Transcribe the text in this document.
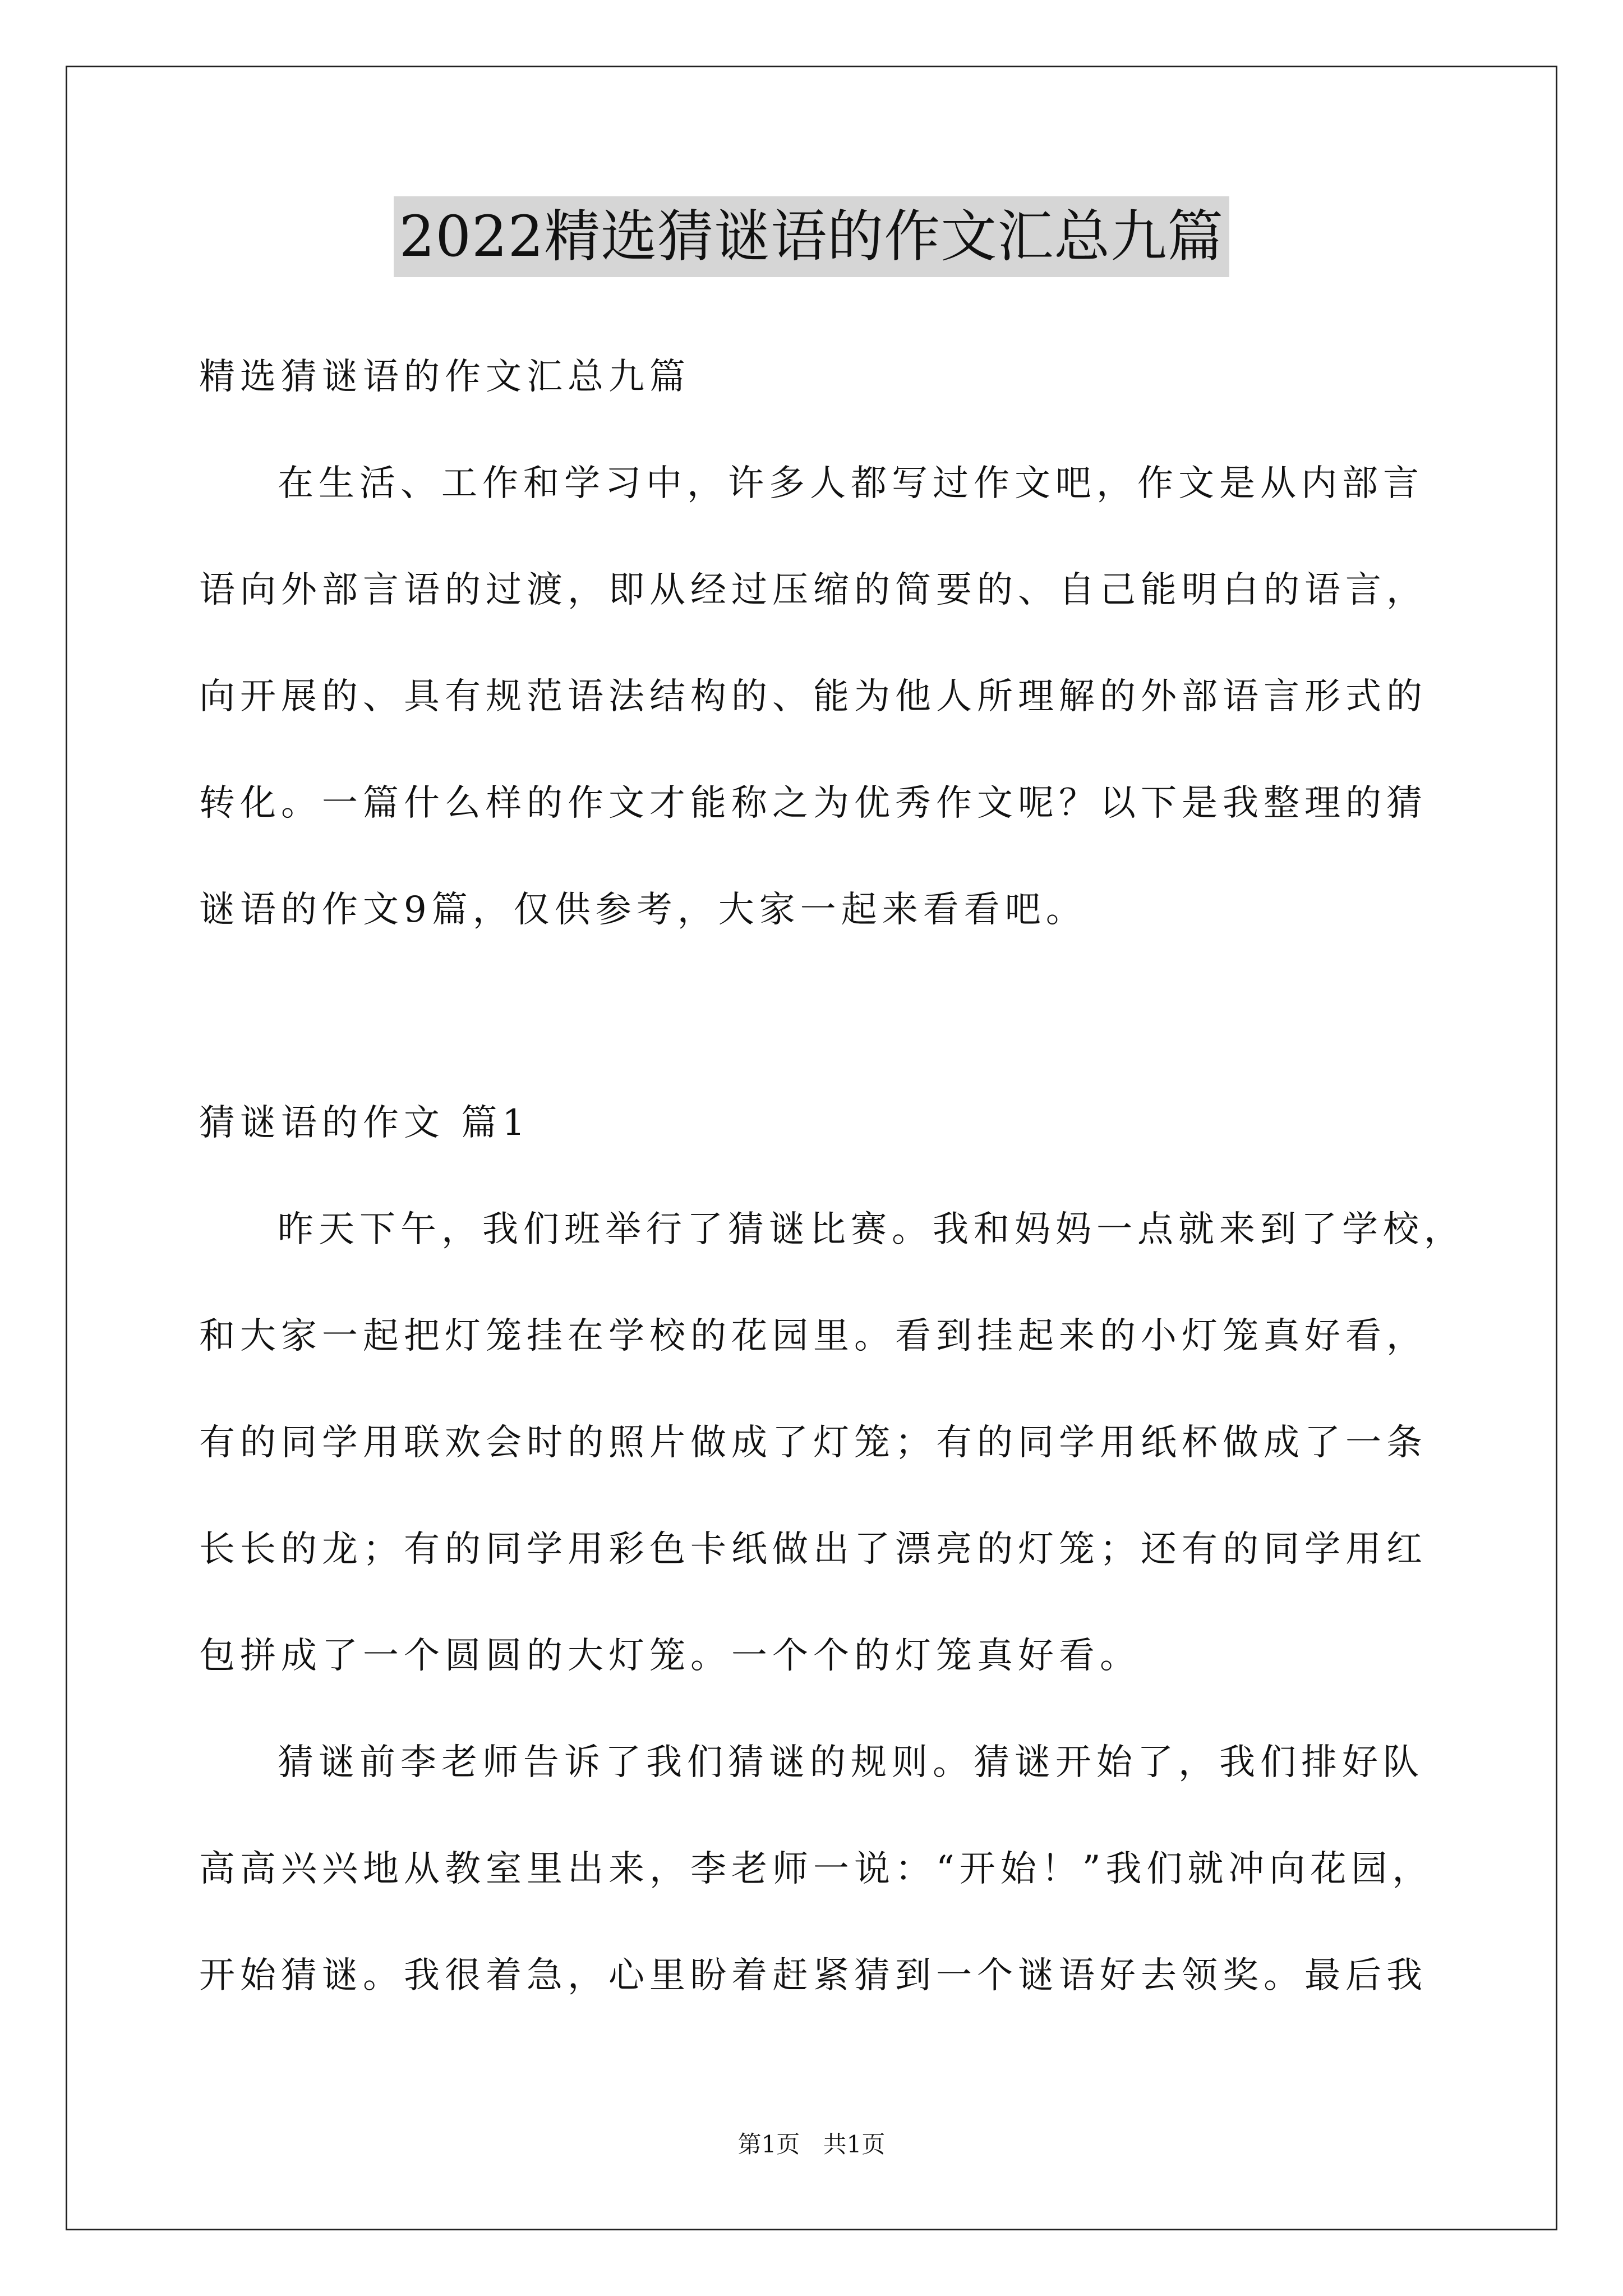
2022精选猜谜语的作文汇总九篇
精选猜谜语的作文汇总九篇
在生活、工作和学习中，许多人都写过作文吧，作文是从内部言
语向外部言语的过渡，即从经过压缩的简要的、自己能明白的语言，
向开展的、具有规范语法结构的、能为他人所理解的外部语言形式的
转化。一篇什么样的作文才能称之为优秀作文呢？以下是我整理的猜
谜语的作文9篇，仅供参考，大家一起来看看吧。
猜谜语的作文 篇1
昨天下午，我们班举行了猜谜比赛。我和妈妈一点就来到了学校，
和大家一起把灯笼挂在学校的花园里。看到挂起来的小灯笼真好看，
有的同学用联欢会时的照片做成了灯笼；有的同学用纸杯做成了一条
长长的龙；有的同学用彩色卡纸做出了漂亮的灯笼；还有的同学用红
包拼成了一个圆圆的大灯笼。一个个的灯笼真好看。
猜谜前李老师告诉了我们猜谜的规则。猜谜开始了，我们排好队
高高兴兴地从教室里出来，李老师一说：“开始！”我们就冲向花园，
开始猜谜。我很着急，心里盼着赶紧猜到一个谜语好去领奖。最后我
第1页 共1页
